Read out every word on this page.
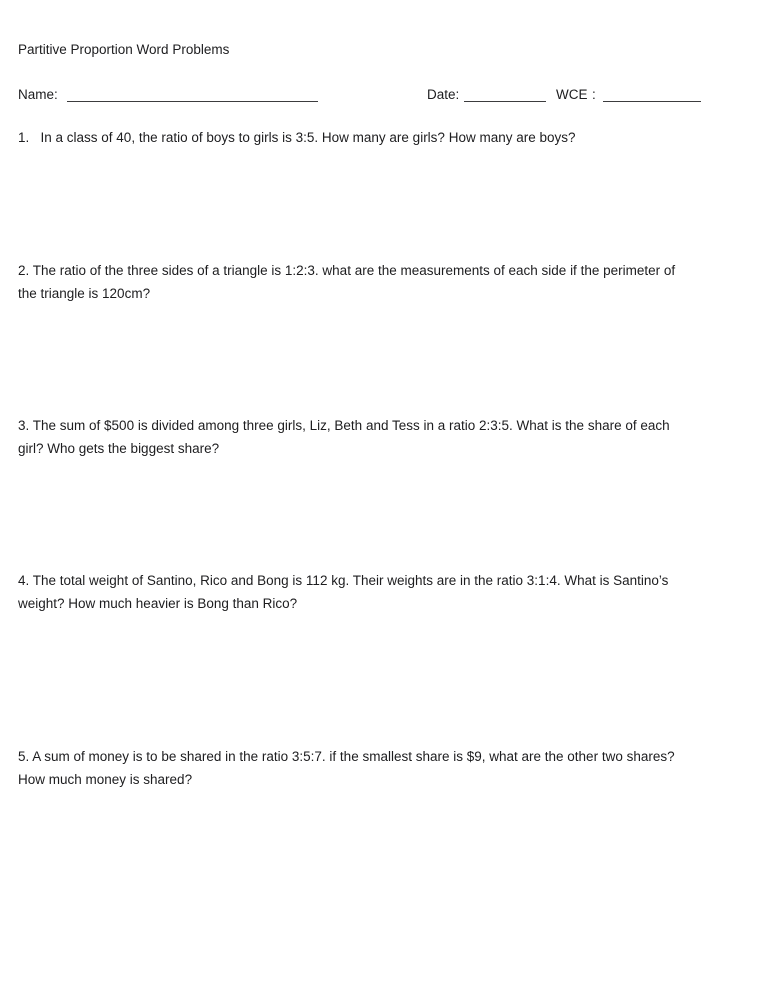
Partitive Proportion Word Problems
Name:	Date:	WCE :
1.   In a class of 40, the ratio of boys to girls is 3:5. How many are girls? How many are boys?
2. The ratio of the three sides of a triangle is 1:2:3. what are the measurements of each side if the perimeter of
the triangle is 120cm?
3. The sum of $500 is divided among three girls, Liz, Beth and Tess in a ratio 2:3:5. What is the share of each
girl? Who gets the biggest share?
4. The total weight of Santino, Rico and Bong is 112 kg. Their weights are in the ratio 3:1:4. What is Santino’s
weight? How much heavier is Bong than Rico?
5. A sum of money is to be shared in the ratio 3:5:7. if the smallest share is $9, what are the other two shares?
How much money is shared?
